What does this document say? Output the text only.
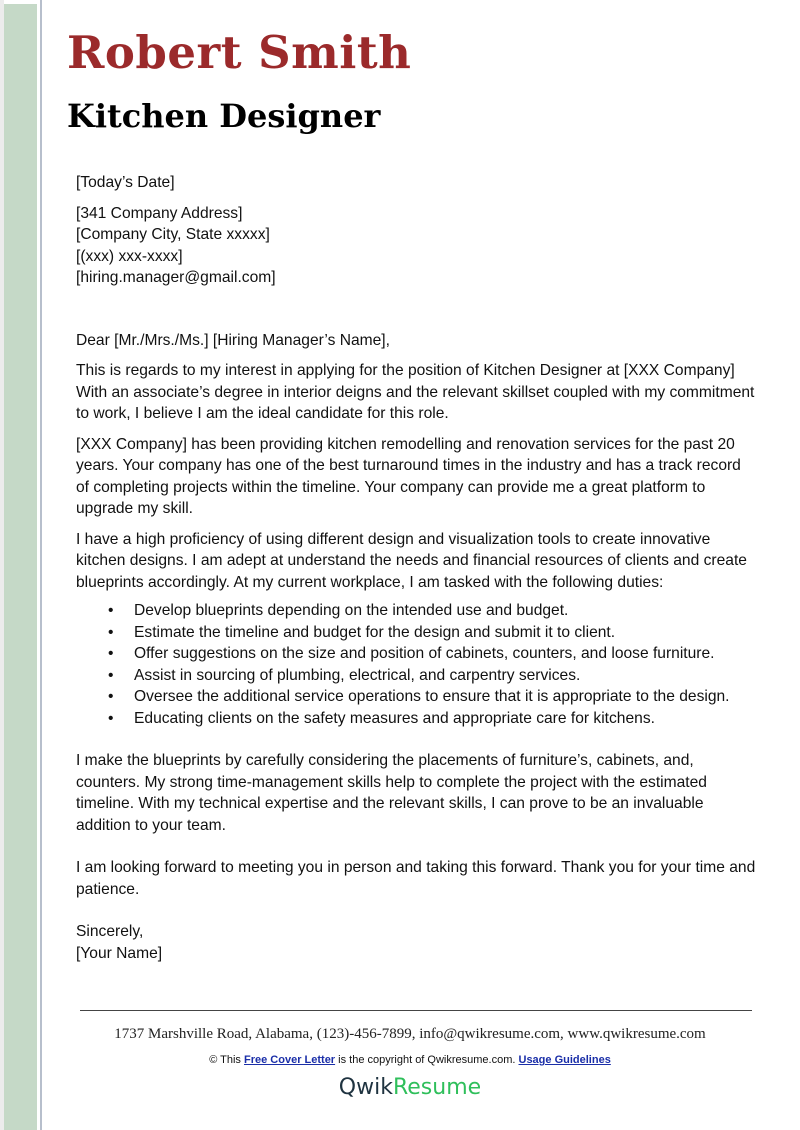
Robert Smith
Kitchen Designer

[Today’s Date]

[341 Company Address]

[Company City, State xxxxx]

[(xxx) xxx-xxxx]

[hiring.manager@gmail.com]

Dear [Mr./Mrs./Ms.] [Hiring Manager’s Name],

This is regards to my interest in applying for the position of Kitchen Designer at [XXX Company] With an associate’s degree in interior deigns and the relevant skillset coupled with my commitment to work, I believe I am the ideal candidate for this role.

[XXX Company] has been providing kitchen remodelling and renovation services for the past 20 years. Your company has one of the best turnaround times in the industry and has a track record of completing projects within the timeline. Your company can provide me a great platform to upgrade my skill.

I have a high proficiency of using different design and visualization tools to create innovative kitchen designs. I am adept at understand the needs and financial resources of clients and create blueprints accordingly. At my current workplace, I am tasked with the following duties:

• Develop blueprints depending on the intended use and budget.
• Estimate the timeline and budget for the design and submit it to client.
• Offer suggestions on the size and position of cabinets, counters, and loose furniture.
• Assist in sourcing of plumbing, electrical, and carpentry services.
• Oversee the additional service operations to ensure that it is appropriate to the design.
• Educating clients on the safety measures and appropriate care for kitchens.

I make the blueprints by carefully considering the placements of furniture’s, cabinets, and, counters. My strong time-management skills help to complete the project with the estimated timeline. With my technical expertise and the relevant skills, I can prove to be an invaluable addition to your team.

I am looking forward to meeting you in person and taking this forward. Thank you for your time and patience.

Sincerely,

[Your Name]

1737 Marshville Road, Alabama, (123)-456-7899, info@qwikresume.com, www.qwikresume.com
© This Free Cover Letter is the copyright of Qwikresume.com. Usage Guidelines
QwikResume
